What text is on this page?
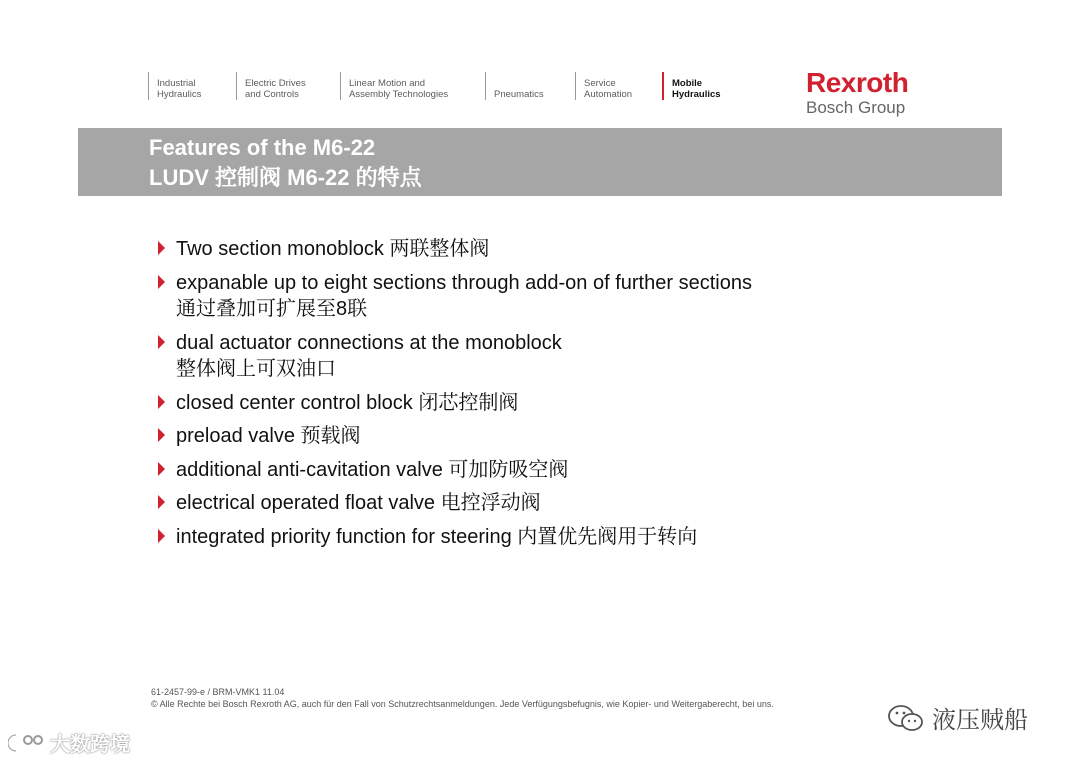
Industrial
Hydraulics
Electric Drives
and Controls
Linear Motion and
Assembly Technologies	Pneumatics
Service
Automation
Mobile
Hydraulics	Rexroth
Bosch Group
Features of the M6-22
LUDV 控制阀 M6-22 的特点
Two section monoblock 两联整体阀
expanable up to eight sections through add-on of further sections
通过叠加可扩展至8联
dual actuator connections at the monoblock
整体阀上可双油口
closed center control block 闭芯控制阀
preload valve 预载阀
additional anti-cavitation valve 可加防吸空阀
electrical operated float valve 电控浮动阀
integrated priority function for steering 内置优先阀用于转向
61-2457-99-e / BRM-VMK1 11.04
© Alle Rechte bei Bosch Rexroth AG, auch für den Fall von Schutzrechtsanmeldungen. Jede Verfügungsbefugnis, wie Kopier- und Weitergaberecht, bei uns.
大数跨境
液压贼船
